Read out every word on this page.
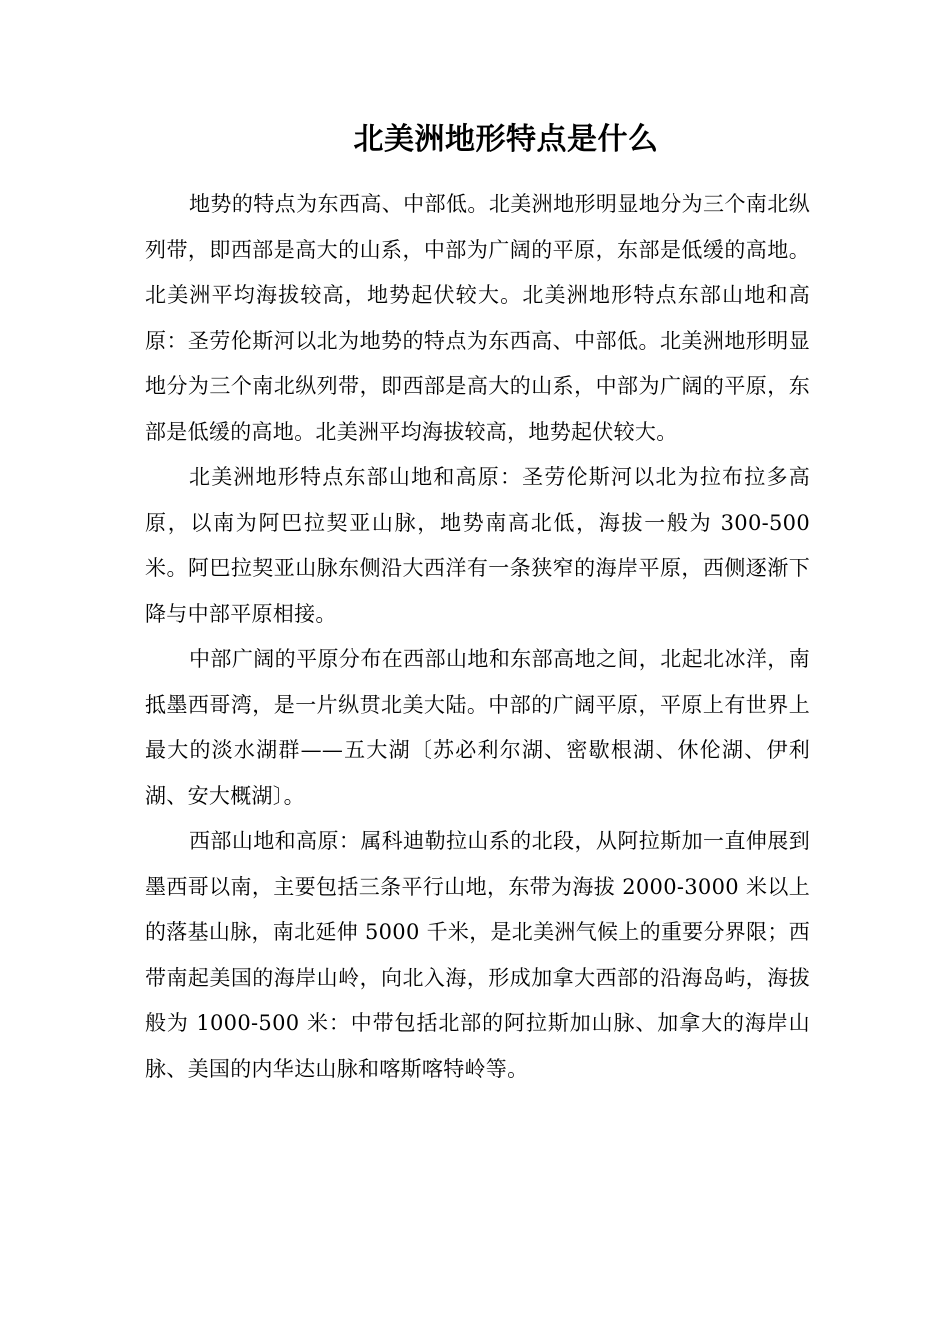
北美洲地形特点是什么

地势的特点为东西高、中部低。北美洲地形明显地分为三个南北纵列带，即西部是高大的山系，中部为广阔的平原，东部是低缓的高地。北美洲平均海拔较高，地势起伏较大。北美洲地形特点东部山地和高原：圣劳伦斯河以北为地势的特点为东西高、中部低。北美洲地形明显地分为三个南北纵列带，即西部是高大的山系，中部为广阔的平原，东部是低缓的高地。北美洲平均海拔较高，地势起伏较大。

北美洲地形特点东部山地和高原：圣劳伦斯河以北为拉布拉多高原，以南为阿巴拉契亚山脉，地势南高北低，海拔一般为 300-500 米。阿巴拉契亚山脉东侧沿大西洋有一条狭窄的海岸平原，西侧逐渐下降与中部平原相接。

中部广阔的平原分布在西部山地和东部高地之间，北起北冰洋，南抵墨西哥湾，是一片纵贯北美大陆。中部的广阔平原，平原上有世界上最大的淡水湖群——五大湖〔苏必利尔湖、密歇根湖、休伦湖、伊利湖、安大概湖〕。

西部山地和高原：属科迪勒拉山系的北段，从阿拉斯加一直伸展到墨西哥以南，主要包括三条平行山地，东带为海拔 2000-3000 米以上的落基山脉，南北延伸 5000 千米，是北美洲气候上的重要分界限；西带南起美国的海岸山岭，向北入海，形成加拿大西部的沿海岛屿，海拔般为 1000-500 米：中带包括北部的阿拉斯加山脉、加拿大的海岸山脉、美国的内华达山脉和喀斯喀特岭等。
